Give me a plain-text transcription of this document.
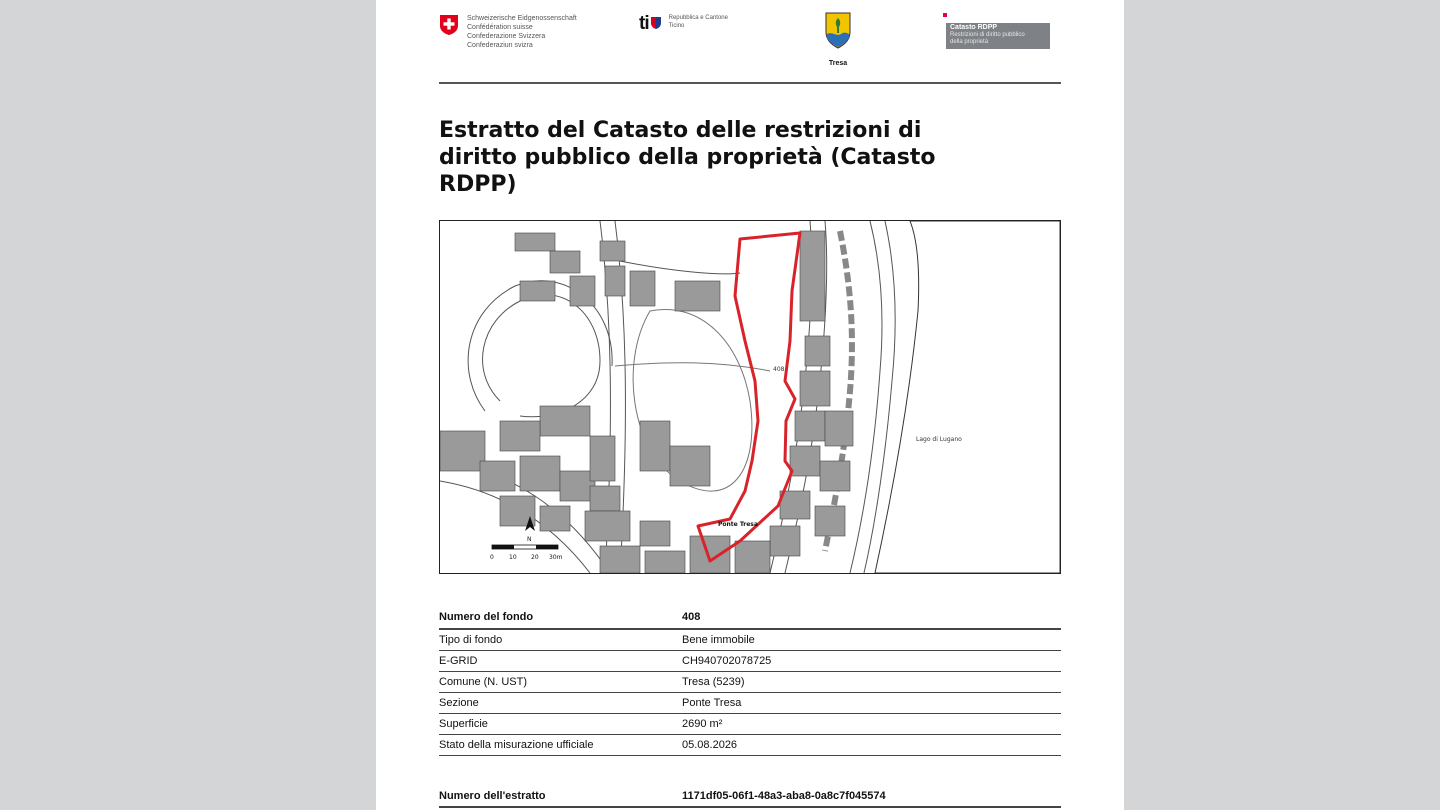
Schweizerische Eidgenossenschaft
Confédération suisse
Confederazione Svizzera
Confederaziun svizra
ti	Repubblica e Cantone
Ticino
Tresa
Catasto RDPP
Restrizioni di diritto pubblico
della proprietà
Estratto del Catasto delle restrizioni di diritto pubblico della proprietà (Catasto RDPP)
408
Ponte Tresa
Lago di Lugano
N
0	10 20 30m
Numero del fondo	408
Tipo di fondo	Bene immobile
E-GRID	CH940702078725
Comune (N. UST)	Tresa (5239)
Sezione	Ponte Tresa
Superficie	2690 m²
Stato della misurazione ufficiale	05.08.2026
Numero dell'estratto	1171df05-06f1-48a3-aba8-0a8c7f045574
